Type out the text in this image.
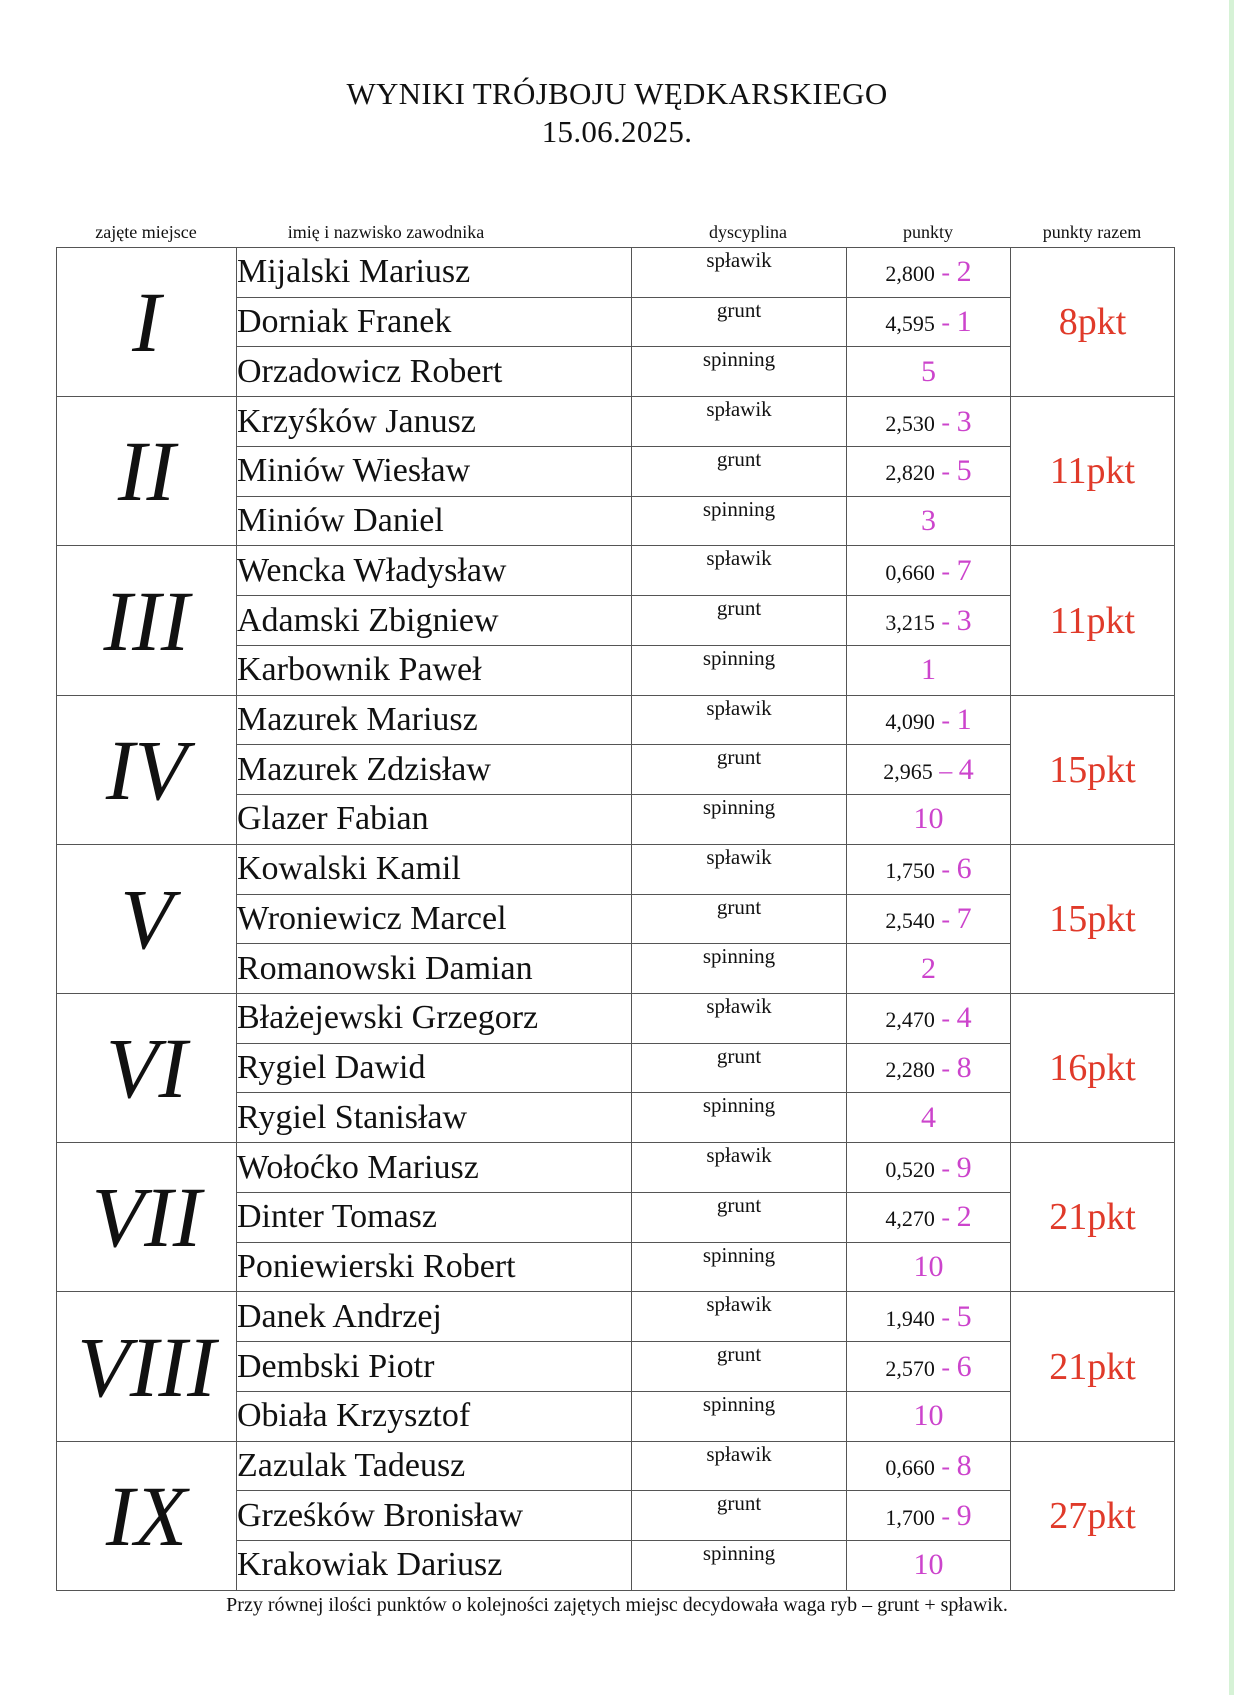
WYNIKI TRÓJBOJU WĘDKARSKIEGO
15.06.2025.
zajęte miejsce	imię i nazwisko zawodnika	dyscyplina	punkty	punkty razem
I	Mijalski Mariusz	spławik	2,800 - 2	8pkt
	Dorniak Franek	grunt	4,595 - 1	
	Orzadowicz Robert	spinning	5	
II	Krzyśków Janusz	spławik	2,530 - 3	11pkt
	Miniów Wiesław	grunt	2,820 - 5	
	Miniów Daniel	spinning	3	
III	Wencka Władysław	spławik	0,660 - 7	11pkt
	Adamski Zbigniew	grunt	3,215 - 3	
	Karbownik Paweł	spinning	1	
IV	Mazurek Mariusz	spławik	4,090 - 1	15pkt
	Mazurek Zdzisław	grunt	2,965 – 4	
	Glazer Fabian	spinning	10	
V	Kowalski Kamil	spławik	1,750 - 6	15pkt
	Wroniewicz Marcel	grunt	2,540 - 7	
	Romanowski Damian	spinning	2	
VI	Błażejewski Grzegorz	spławik	2,470 - 4	16pkt
	Rygiel Dawid	grunt	2,280 - 8	
	Rygiel Stanisław	spinning	4	
VII	Wołoćko Mariusz	spławik	0,520 - 9	21pkt
	Dinter Tomasz	grunt	4,270 - 2	
	Poniewierski Robert	spinning	10	
VIII	Danek Andrzej	spławik	1,940 - 5	21pkt
	Dembski Piotr	grunt	2,570 - 6	
	Obiała Krzysztof	spinning	10	
IX	Zazulak Tadeusz	spławik	0,660 - 8	27pkt
	Grześków Bronisław	grunt	1,700 - 9	
	Krakowiak Dariusz	spinning	10	
Przy równej ilości punktów o kolejności zajętych miejsc decydowała waga ryb – grunt + spławik.
